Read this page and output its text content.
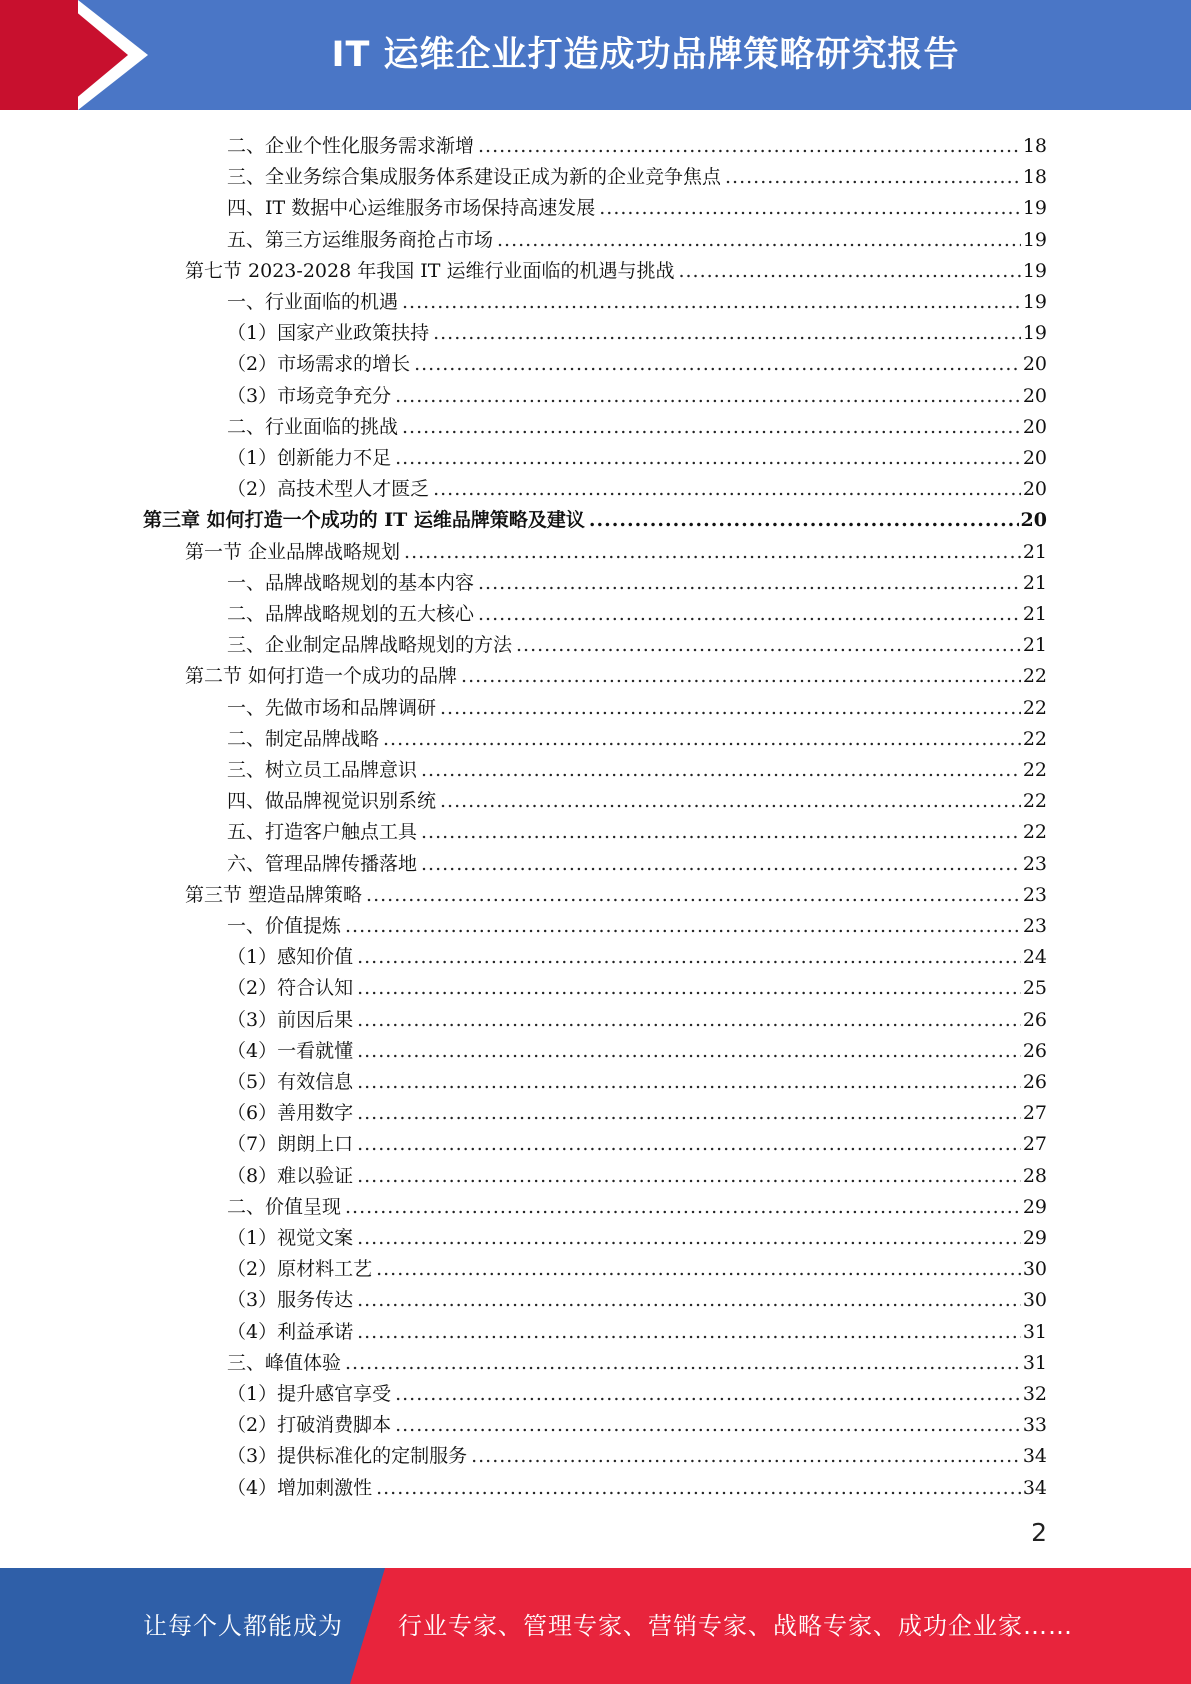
IT 运维企业打造成功品牌策略研究报告
二、企业个性化服务需求渐增 .....	18
三、全业务综合集成服务体系建设正成为新的企业竞争焦点 .....	18
四、IT 数据中心运维服务市场保持高速发展 .....	19
五、第三方运维服务商抢占市场 .....	19
第七节 2023-2028 年我国 IT 运维行业面临的机遇与挑战 .....	19
一、行业面临的机遇 .....	19
（1）国家产业政策扶持 .....	19
（2）市场需求的增长 .....	20
（3）市场竞争充分 .....	20
二、行业面临的挑战 .....	20
（1）创新能力不足 .....	20
（2）高技术型人才匮乏 .....	20
第三章 如何打造一个成功的 IT 运维品牌策略及建议 .....	20
第一节 企业品牌战略规划 .....	21
一、品牌战略规划的基本内容 .....	21
二、品牌战略规划的五大核心 .....	21
三、企业制定品牌战略规划的方法 .....	21
第二节 如何打造一个成功的品牌 .....	22
一、先做市场和品牌调研 .....	22
二、制定品牌战略 .....	22
三、树立员工品牌意识 .....	22
四、做品牌视觉识别系统 .....	22
五、打造客户触点工具 .....	22
六、管理品牌传播落地 .....	23
第三节 塑造品牌策略 .....	23
一、价值提炼 .....	23
（1）感知价值 .....	24
（2）符合认知 .....	25
（3）前因后果 .....	26
（4）一看就懂 .....	26
（5）有效信息 .....	26
（6）善用数字 .....	27
（7）朗朗上口 .....	27
（8）难以验证 .....	28
二、价值呈现 .....	29
（1）视觉文案 .....	29
（2）原材料工艺 .....	30
（3）服务传达 .....	30
（4）利益承诺 .....	31
三、峰值体验 .....	31
（1）提升感官享受 .....	32
（2）打破消费脚本 .....	33
（3）提供标准化的定制服务 .....	34
（4）增加刺激性 .....	34
2
让每个人都能成为 行业专家、管理专家、营销专家、战略专家、成功企业家……
